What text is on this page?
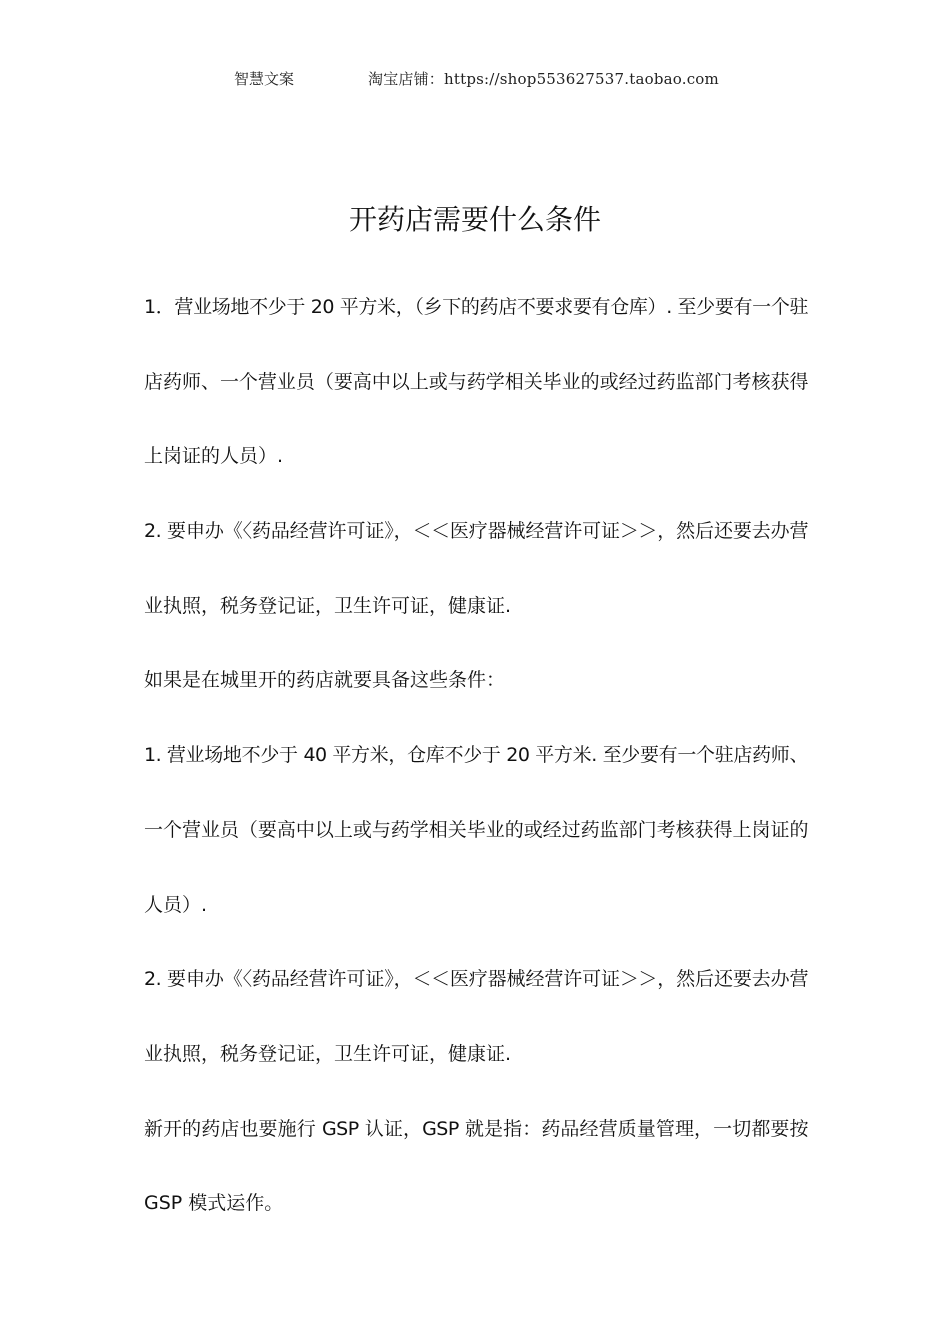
智慧文案	淘宝店铺：https://shop553627537.taobao.com
开药店需要什么条件
1．营业场地不少于 20 平方米，（乡下的药店不要求要有仓库）. 至少要有一个驻
店药师、一个营业员（要高中以上或与药学相关毕业的或经过药监部门考核获得
上岗证的人员）.
2. 要申办《〈药品经营许可证》，＜＜医疗器械经营许可证＞＞，然后还要去办营
业执照，税务登记证，卫生许可证，健康证.
如果是在城里开的药店就要具备这些条件：
1. 营业场地不少于 40 平方米，仓库不少于 20 平方米. 至少要有一个驻店药师、
一个营业员（要高中以上或与药学相关毕业的或经过药监部门考核获得上岗证的
人员）.
2. 要申办《〈药品经营许可证》，＜＜医疗器械经营许可证＞＞，然后还要去办营
业执照，税务登记证，卫生许可证，健康证.
新开的药店也要施行 GSP 认证，GSP 就是指：药品经营质量管理，一切都要按
GSP 模式运作。
